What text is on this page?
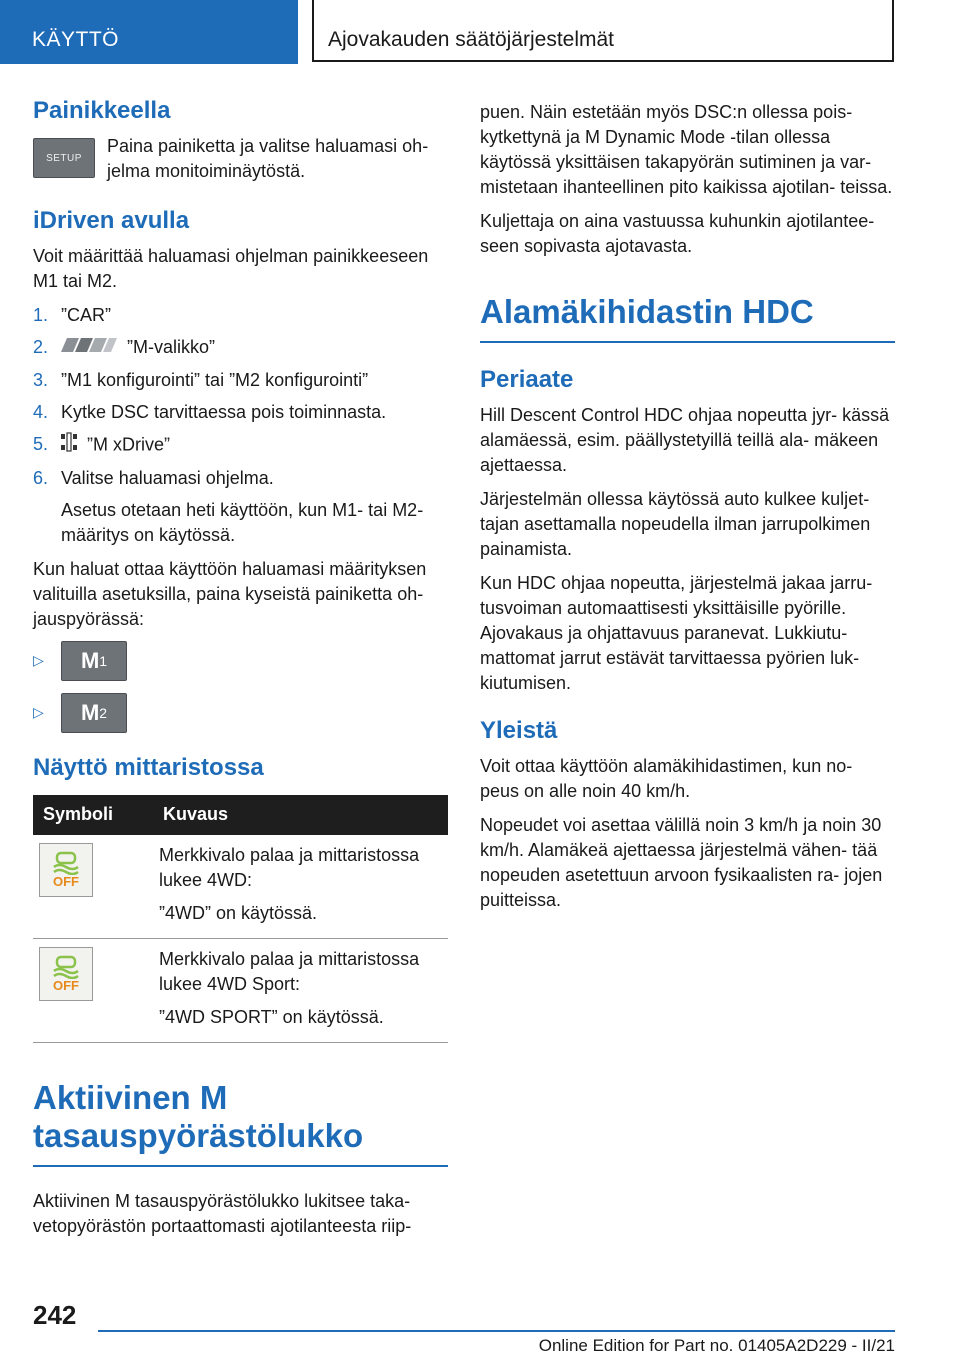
KÄYTTÖ	Ajovakauden säätöjärjestelmät
Painikkeella
SETUP

Paina painiketta ja valitse haluamasi oh- jelma monitoiminäytöstä.

iDriven avulla

Voit määrittää haluamasi ohjelman painikkeeseen M1 tai M2.

1. ”CAR”
2.	”M-valikko”
3. ”M1 konfigurointi” tai ”M2 konfigurointi”
4. Kytke DSC tarvittaessa pois toiminnasta.
5.	”M xDrive”
6. Valitse haluamasi ohjelma.

Asetus otetaan heti käyttöön, kun M1- tai M2-määritys on käytössä.

Kun haluat ottaa käyttöön haluamasi määrityksen valituilla asetuksilla, paina kyseistä painiketta oh- jauspyörässä:

▷	M 1
▷	M 2
Näyttö mittaristossa
Symboli	Kuvaus

OFF	Merkkivalo palaa ja mittaristossa lukee 4WD:

”4WD” on käytössä.

OFF	Merkkivalo palaa ja mittaristossa lukee 4WD Sport:

”4WD SPORT” on käytössä.

Aktiivinen M tasauspyörästölukko

Aktiivinen M tasauspyörästölukko lukitsee taka- vetopyörästön portaattomasti ajotilanteesta riip-

puen. Näin estetään myös DSC:n ollessa pois- kytkettynä ja M Dynamic Mode -tilan ollessa käytössä yksittäisen takapyörän sutiminen ja var- mistetaan ihanteellinen pito kaikissa ajotilan- teissa.

Kuljettaja on aina vastuussa kuhunkin ajotilantee- seen sopivasta ajotavasta.

Alamäkihidastin HDC
Periaate

Hill Descent Control HDC ohjaa nopeutta jyr- kässä alamäessä, esim. päällystetyillä teillä ala- mäkeen ajettaessa.

Järjestelmän ollessa käytössä auto kulkee kuljet- tajan asettamalla nopeudella ilman jarrupolkimen painamista.

Kun HDC ohjaa nopeutta, järjestelmä jakaa jarru- tusvoiman automaattisesti yksittäisille pyörille. Ajovakaus ja ohjattavuus paranevat. Lukkiutu- mattomat jarrut estävät tarvittaessa pyörien luk- kiutumisen.

Yleistä

Voit ottaa käyttöön alamäkihidastimen, kun no- peus on alle noin 40 km/h.

Nopeudet voi asettaa välillä noin 3 km/h ja noin 30 km/h. Alamäkeä ajettaessa järjestelmä vähen- tää nopeuden asetettuun arvoon fysikaalisten ra- jojen puitteissa.

242
Online Edition for Part no. 01405A2D229 - II/21
